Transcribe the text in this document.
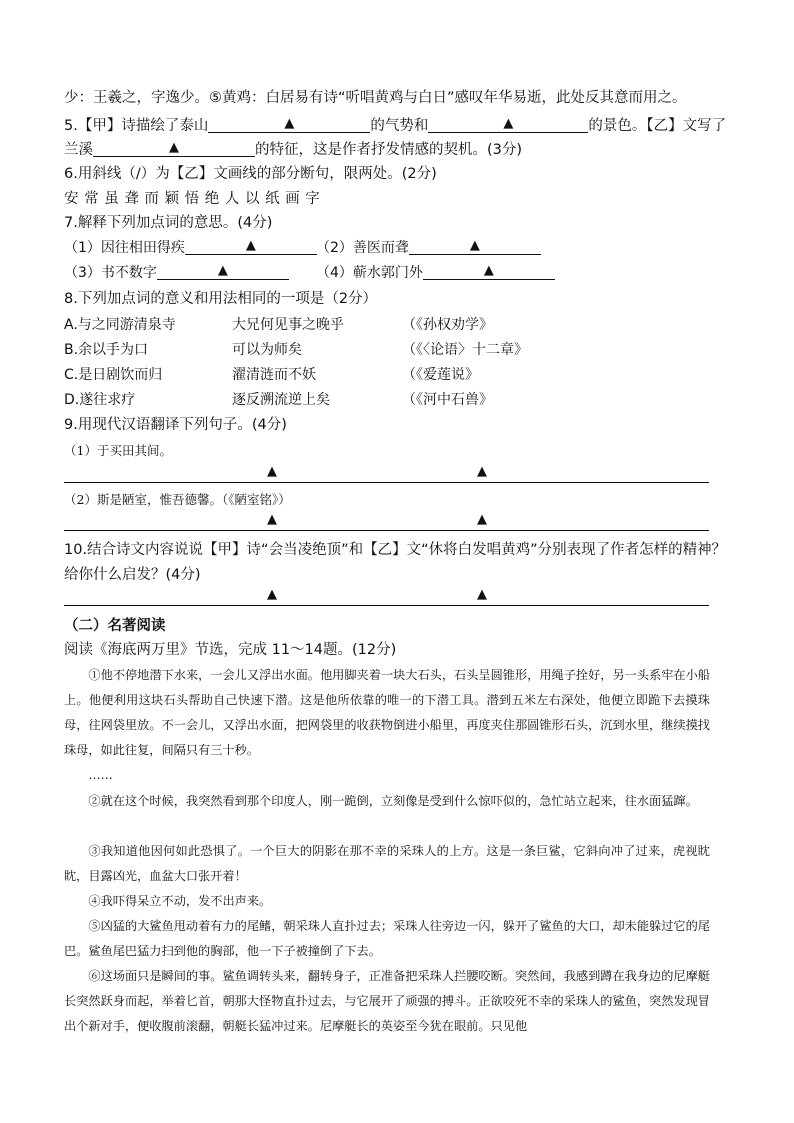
少：王羲之，字逸少。⑤黄鸡：白居易有诗“听唱黄鸡与白日”感叹年华易逝，此处反其意而用之。
5.【甲】诗描绘了泰山	▲	的气势和	▲	的景色。【乙】文写了
兰溪	▲	的特征，这是作者抒发情感的契机。(3分)
6.用斜线（/）为【乙】文画线的部分断句，限两处。(2分)
安 常 虽 聋 而 颖 悟 绝 人 以 纸 画 字
7.解释下列加点词的意思。(4分)
（1）因往相田得疾	▲	（2）善医而聋	▲
（3）书不数字	▲	（4）蕲水郭门外	▲
8.下列加点词的意义和用法相同的一项是（2分）
A.与之同游清泉寺	大兄何见事之晚乎	（《孙权劝学》
B.余以手为口	可以为师矣	（《〈论语〉十二章》
C.是日剧饮而归	濯清涟而不妖	（《爱莲说》
D.遂往求疗	逐反溯流逆上矣	（《河中石兽》
9.用现代汉语翻译下列句子。(4分)
（1）于买田其间。
▲	▲
（2）斯是陋室，惟吾德馨。（《陋室铭》）
▲	▲
10.结合诗文内容说说【甲】诗“会当凌绝顶”和【乙】文“休将白发唱黄鸡”分别表现了作者怎样的精神？
给你什么启发？(4分)
▲	▲
（二）名著阅读
阅读《海底两万里》节选，完成 11～14题。(12分)
①他不停地潜下水来，一会儿又浮出水面。他用脚夹着一块大石头，石头呈圆锥形，用绳子拴好，另一头系牢在小船上。他便利用这块石头帮助自己快速下潜。这是他所依靠的唯一的下潜工具。潜到五米左右深处，他便立即跪下去摸珠母，往网袋里放。不一会儿，又浮出水面，把网袋里的收获物倒进小船里，再度夹住那圆锥形石头，沉到水里，继续摸找珠母，如此往复，间隔只有三十秒。
……
②就在这个时候，我突然看到那个印度人，刚一跪倒，立刻像是受到什么惊吓似的，急忙站立起来，往水面猛蹿。
③我知道他因何如此恐惧了。一个巨大的阴影在那不幸的采珠人的上方。这是一条巨鲨，它斜向冲了过来，虎视眈眈，目露凶光，血盆大口张开着！
④我吓得呆立不动，发不出声来。
⑤凶猛的大鲨鱼甩动着有力的尾鳍，朝采珠人直扑过去；采珠人往旁边一闪，躲开了鲨鱼的大口，却未能躲过它的尾巴。鲨鱼尾巴猛力扫到他的胸部，他一下子被撞倒了下去。
⑥这场面只是瞬间的事。鲨鱼调转头来，翻转身子，正准备把采珠人拦腰咬断。突然间，我感到蹲在我身边的尼摩艇长突然跃身而起，举着匕首，朝那大怪物直扑过去，与它展开了顽强的搏斗。正欲咬死不幸的采珠人的鲨鱼，突然发现冒出个新对手，便收腹前滚翻，朝艇长猛冲过来。尼摩艇长的英姿至今犹在眼前。只见他
